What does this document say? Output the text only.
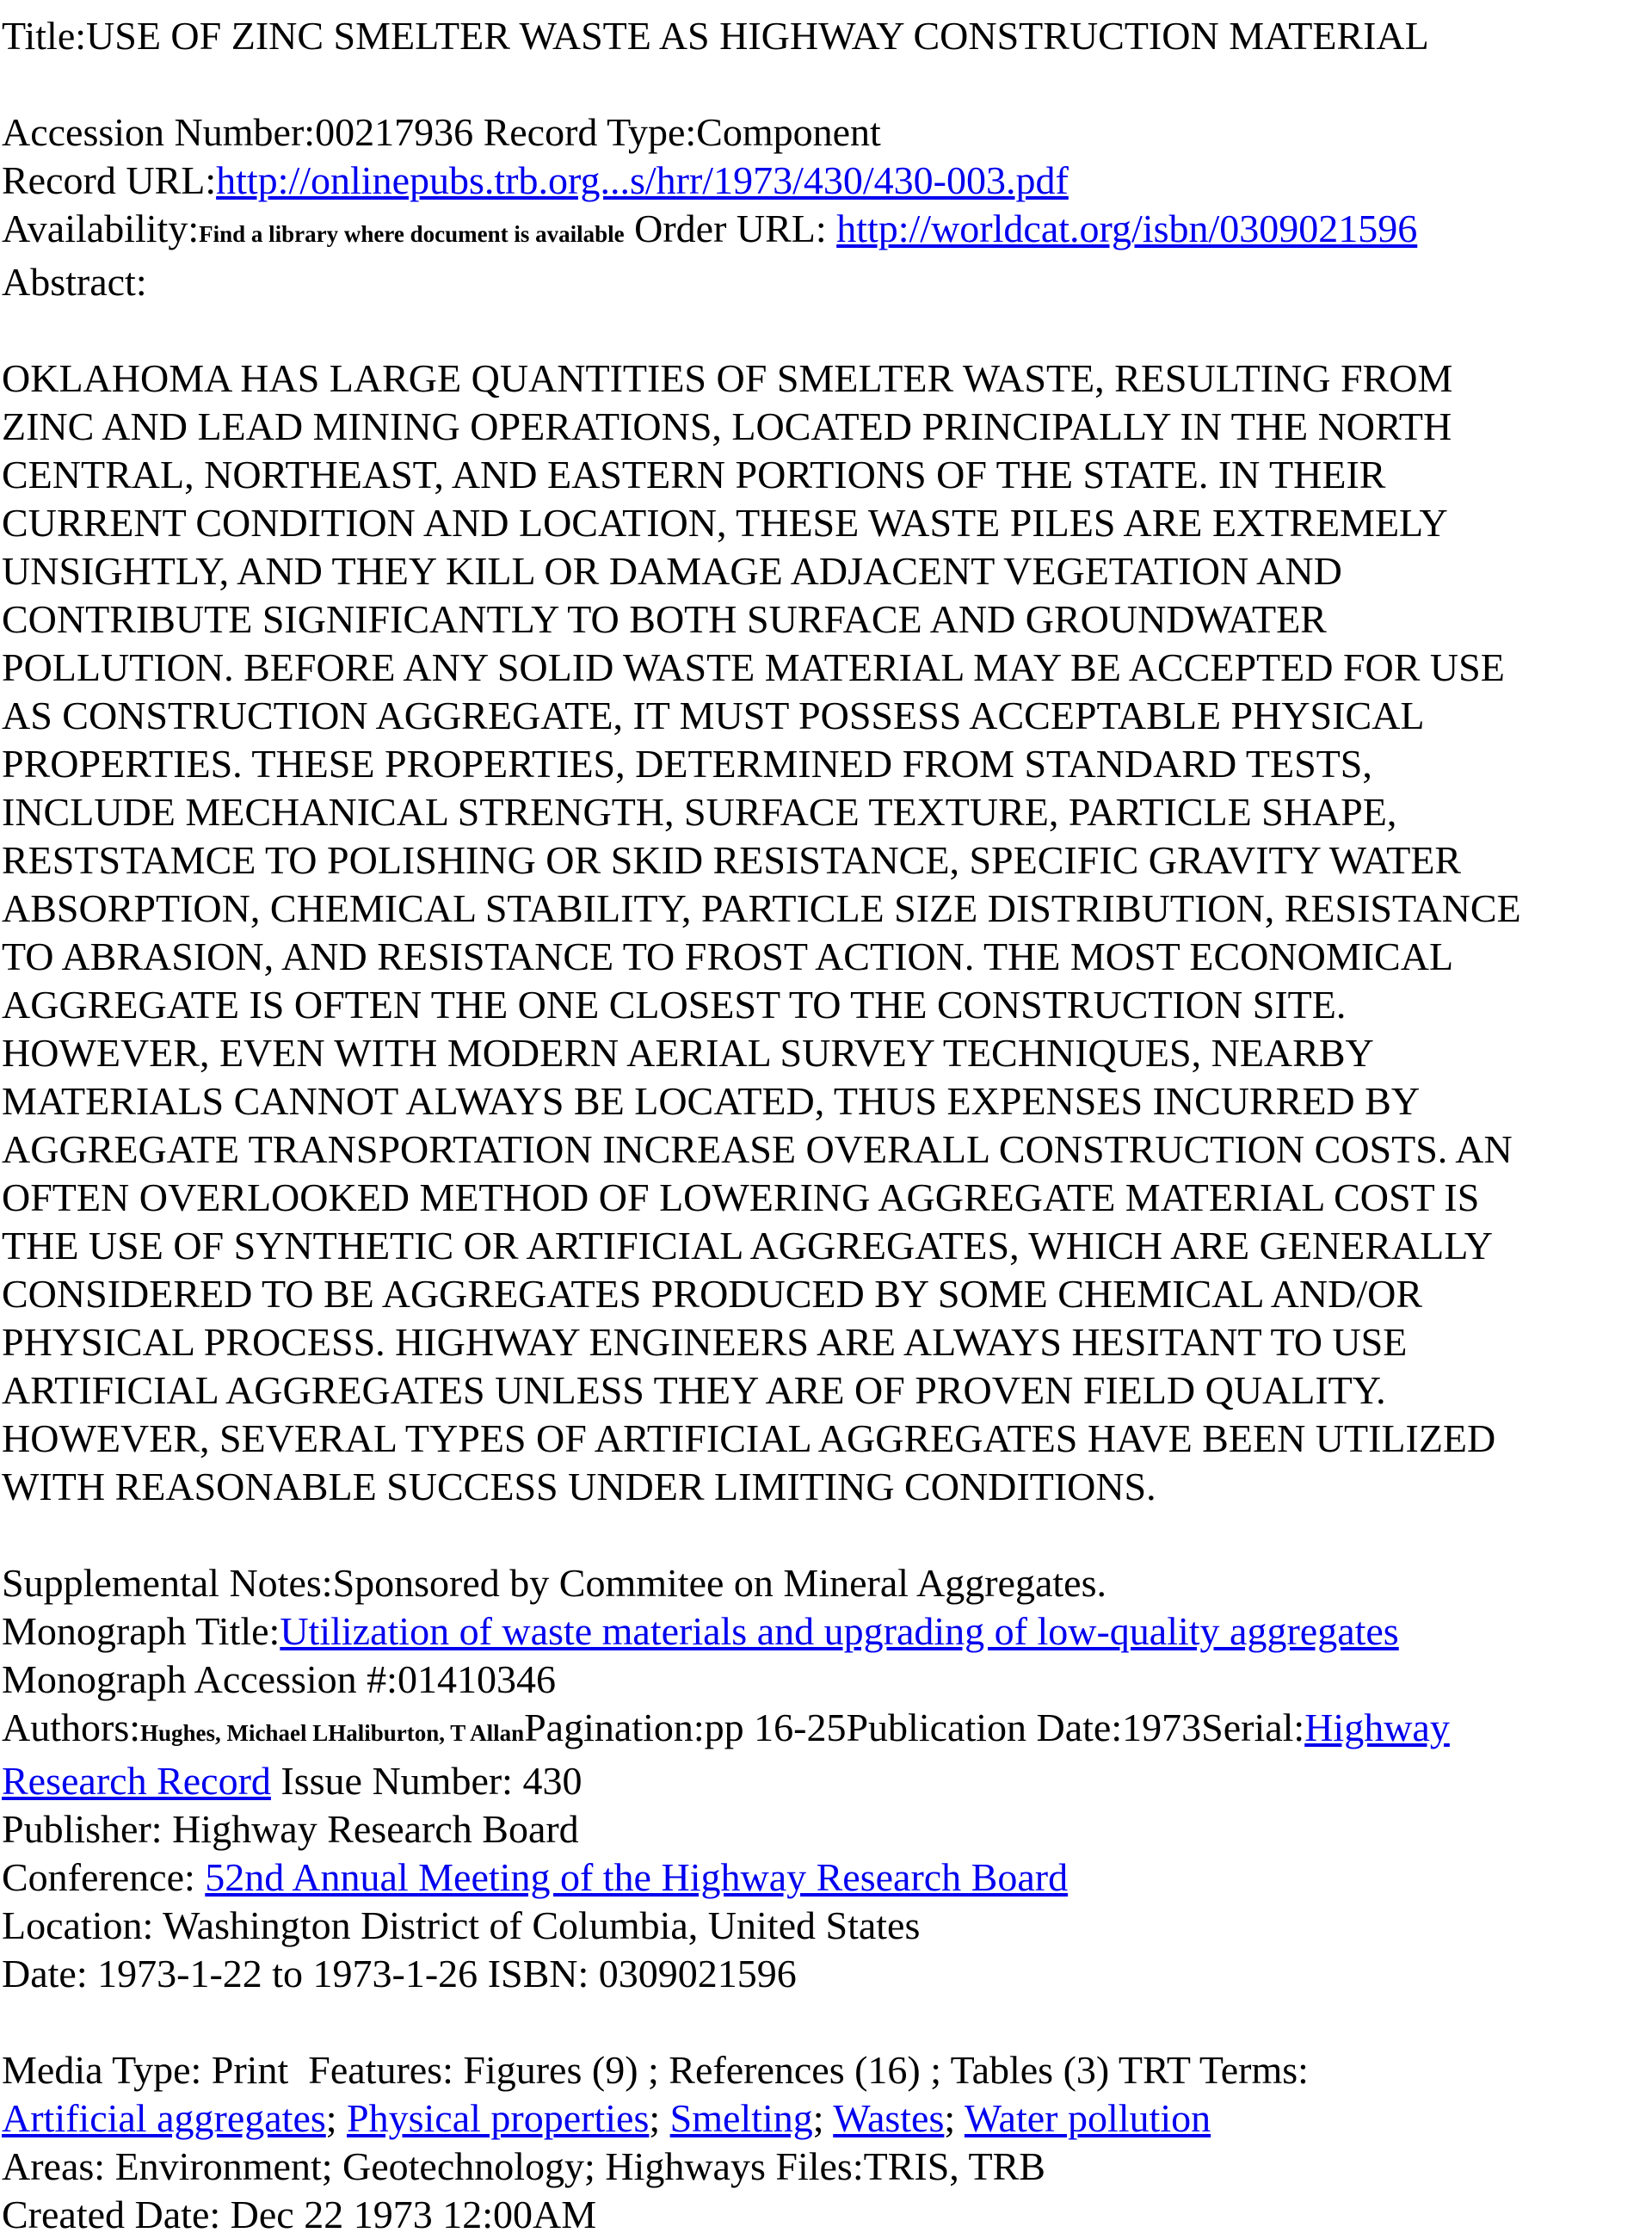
Title:USE OF ZINC SMELTER WASTE AS HIGHWAY CONSTRUCTION MATERIAL
Accession Number:00217936 Record Type:Component
Record URL:http://onlinepubs.trb.org...s/hrr/1973/430/430-003.pdf
Availability:Find a library where document is available Order URL: http://worldcat.org/isbn/0309021596
Abstract:
OKLAHOMA HAS LARGE QUANTITIES OF SMELTER WASTE, RESULTING FROM
ZINC AND LEAD MINING OPERATIONS, LOCATED PRINCIPALLY IN THE NORTH
CENTRAL, NORTHEAST, AND EASTERN PORTIONS OF THE STATE. IN THEIR
CURRENT CONDITION AND LOCATION, THESE WASTE PILES ARE EXTREMELY
UNSIGHTLY, AND THEY KILL OR DAMAGE ADJACENT VEGETATION AND
CONTRIBUTE SIGNIFICANTLY TO BOTH SURFACE AND GROUNDWATER
POLLUTION. BEFORE ANY SOLID WASTE MATERIAL MAY BE ACCEPTED FOR USE
AS CONSTRUCTION AGGREGATE, IT MUST POSSESS ACCEPTABLE PHYSICAL
PROPERTIES. THESE PROPERTIES, DETERMINED FROM STANDARD TESTS,
INCLUDE MECHANICAL STRENGTH, SURFACE TEXTURE, PARTICLE SHAPE,
RESTSTAMCE TO POLISHING OR SKID RESISTANCE, SPECIFIC GRAVITY WATER
ABSORPTION, CHEMICAL STABILITY, PARTICLE SIZE DISTRIBUTION, RESISTANCE
TO ABRASION, AND RESISTANCE TO FROST ACTION. THE MOST ECONOMICAL
AGGREGATE IS OFTEN THE ONE CLOSEST TO THE CONSTRUCTION SITE.
HOWEVER, EVEN WITH MODERN AERIAL SURVEY TECHNIQUES, NEARBY
MATERIALS CANNOT ALWAYS BE LOCATED, THUS EXPENSES INCURRED BY
AGGREGATE TRANSPORTATION INCREASE OVERALL CONSTRUCTION COSTS. AN
OFTEN OVERLOOKED METHOD OF LOWERING AGGREGATE MATERIAL COST IS
THE USE OF SYNTHETIC OR ARTIFICIAL AGGREGATES, WHICH ARE GENERALLY
CONSIDERED TO BE AGGREGATES PRODUCED BY SOME CHEMICAL AND/OR
PHYSICAL PROCESS. HIGHWAY ENGINEERS ARE ALWAYS HESITANT TO USE
ARTIFICIAL AGGREGATES UNLESS THEY ARE OF PROVEN FIELD QUALITY.
HOWEVER, SEVERAL TYPES OF ARTIFICIAL AGGREGATES HAVE BEEN UTILIZED
WITH REASONABLE SUCCESS UNDER LIMITING CONDITIONS.
Supplemental Notes:Sponsored by Commitee on Mineral Aggregates.
Monograph Title:Utilization of waste materials and upgrading of low-quality aggregates
Monograph Accession #:01410346
Authors:Hughes, Michael LHaliburton, T AllanPagination:pp 16-25Publication Date:1973Serial:Highway
Research Record Issue Number: 430
Publisher: Highway Research Board
Conference: 52nd Annual Meeting of the Highway Research Board
Location: Washington District of Columbia, United States
Date: 1973-1-22 to 1973-1-26 ISBN: 0309021596
Media Type: Print  Features: Figures (9) ; References (16) ; Tables (3) TRT Terms:
Artificial aggregates; Physical properties; Smelting; Wastes; Water pollution
Areas: Environment; Geotechnology; Highways Files:TRIS, TRB
Created Date: Dec 22 1973 12:00AM
